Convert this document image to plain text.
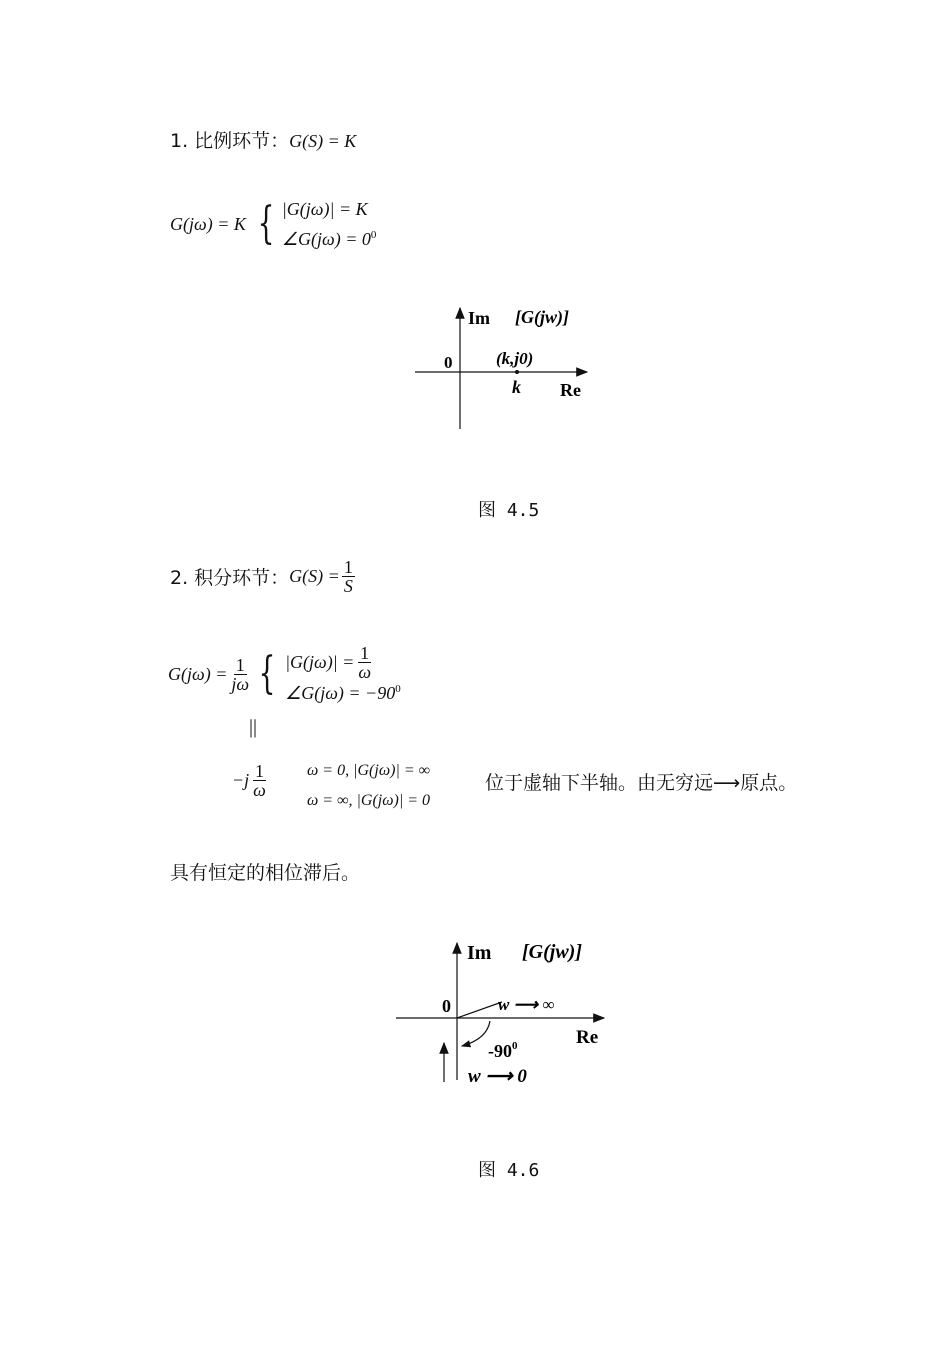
1. 比例环节：G(S) = K
G(jω) = K { |G(jω)| = K
∠G(jω) = $0^0$
Im [G(jw)]
0	(k,j0)
k Re
图 4.5
2. 积分环节： $G(S) = \frac{1}{S}$
$G(j\omega) = \frac{1}{j\omega}$ { $|G(j\omega)| = \frac{1}{\omega}$
∠G(jω) = $-90^0$
||
$-j \frac{1}{\omega}$ ω = 0, |G(jω)| = ∞
ω = ∞, |G(jω)| = 0
位于虚轴下半轴。由无穷远⟶原点。
具有恒定的相位滞后。
Im [G(jw)]
0	w ⟶ ∞
$-90^0$	Re
w ⟶ 0
图 4.6
